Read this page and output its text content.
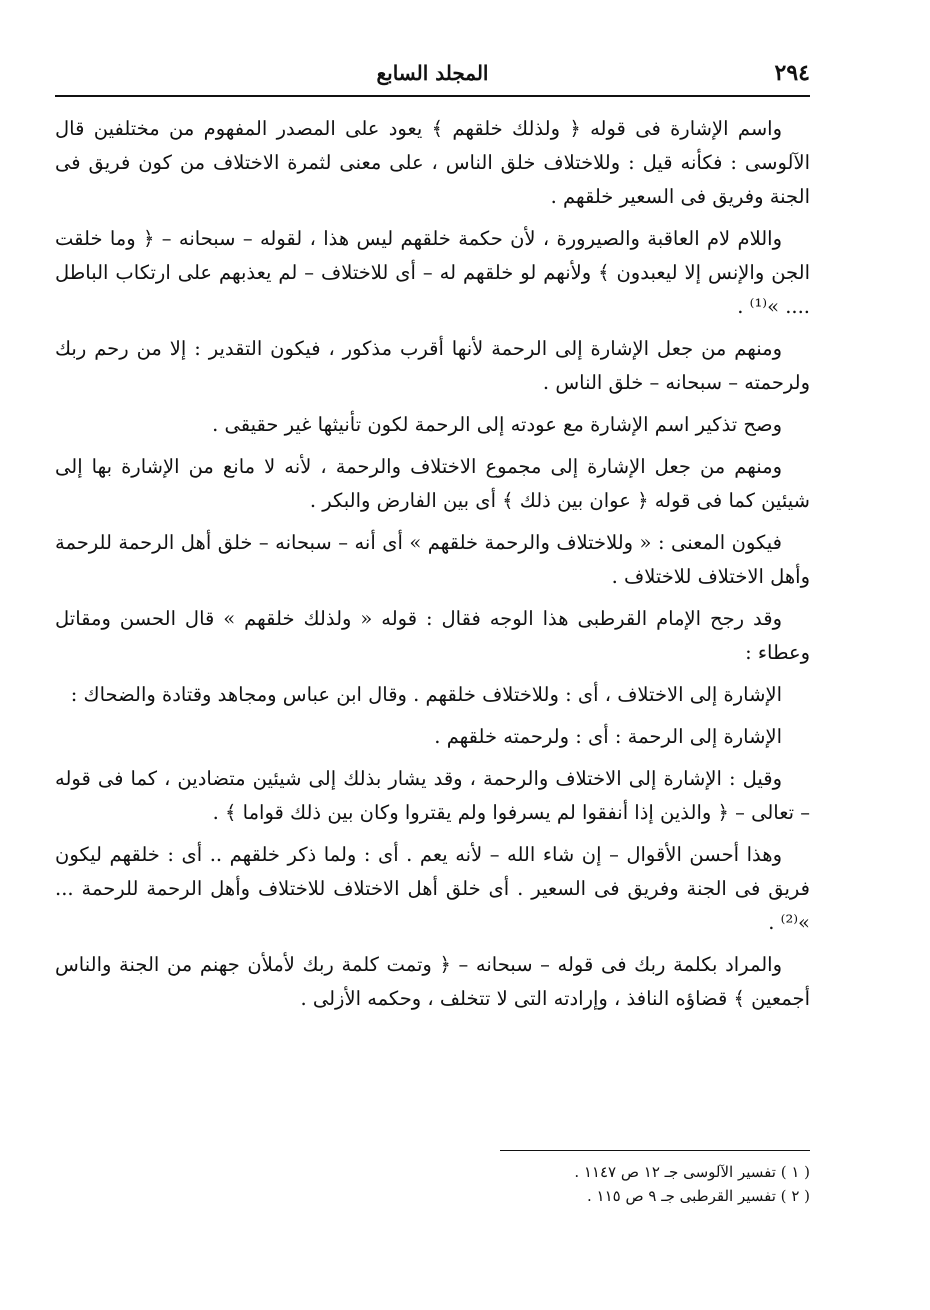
٢٩٤
المجلد السابع

واسم الإشارة فى قوله ﴿ ولذلك خلقهم ﴾ يعود على المصدر المفهوم من مختلفين قال الآلوسى : فكأنه قيل : وللاختلاف خلق الناس ، على معنى لثمرة الاختلاف من كون فريق فى الجنة وفريق فى السعير خلقهم .

واللام لام العاقبة والصيرورة ، لأن حكمة خلقهم ليس هذا ، لقوله – سبحانه – ﴿ وما خلقت الجن والإنس إلا ليعبدون ﴾ ولأنهم لو خلقهم له – أى للاختلاف – لم يعذبهم على ارتكاب الباطل .... »⁽¹⁾ .

ومنهم من جعل الإشارة إلى الرحمة لأنها أقرب مذكور ، فيكون التقدير : إلا من رحم ربك ولرحمته – سبحانه – خلق الناس .

وصح تذكير اسم الإشارة مع عودته إلى الرحمة لكون تأنيثها غير حقيقى .

ومنهم من جعل الإشارة إلى مجموع الاختلاف والرحمة ، لأنه لا مانع من الإشارة بها إلى شيئين كما فى قوله ﴿ عوان بين ذلك ﴾ أى بين الفارض والبكر .

فيكون المعنى : « وللاختلاف والرحمة خلقهم » أى أنه – سبحانه – خلق أهل الرحمة للرحمة وأهل الاختلاف للاختلاف .

وقد رجح الإمام القرطبى هذا الوجه فقال : قوله « ولذلك خلقهم » قال الحسن ومقاتل وعطاء :

الإشارة إلى الاختلاف ، أى : وللاختلاف خلقهم . وقال ابن عباس ومجاهد وقتادة والضحاك :

الإشارة إلى الرحمة : أى : ولرحمته خلقهم .

وقيل : الإشارة إلى الاختلاف والرحمة ، وقد يشار بذلك إلى شيئين متضادين ، كما فى قوله – تعالى – ﴿ والذين إذا أنفقوا لم يسرفوا ولم يقتروا وكان بين ذلك قواما ﴾ .

وهذا أحسن الأقوال – إن شاء الله – لأنه يعم . أى : ولما ذكر خلقهم .. أى : خلقهم ليكون فريق فى الجنة وفريق فى السعير . أى خلق أهل الاختلاف للاختلاف وأهل الرحمة للرحمة ... »⁽²⁾ .

والمراد بكلمة ربك فى قوله – سبحانه – ﴿ وتمت كلمة ربك لأملأن جهنم من الجنة والناس أجمعين ﴾ قضاؤه النافذ ، وإرادته التى لا تتخلف ، وحكمه الأزلى .

( ١ ) تفسير الآلوسى جـ ١٢ ص ١١٤٧ .
( ٢ ) تفسير القرطبى جـ ٩ ص ١١٥ .
